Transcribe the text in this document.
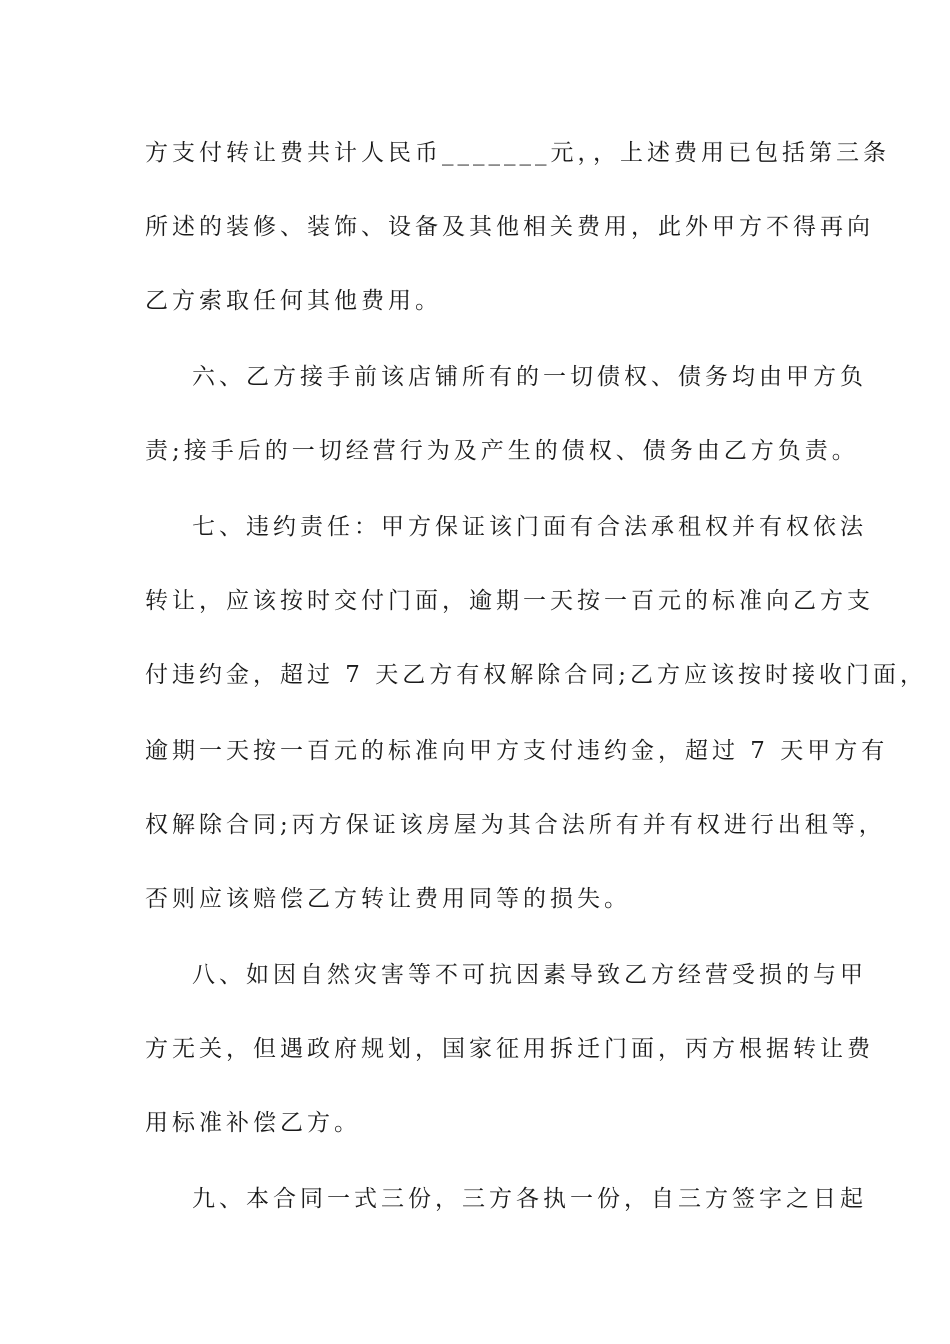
方支付转让费共计人民币_______元，，上述费用已包括第三条
所述的装修、装饰、设备及其他相关费用，此外甲方不得再向
乙方索取任何其他费用。
六、乙方接手前该店铺所有的一切债权、债务均由甲方负
责;接手后的一切经营行为及产生的债权、债务由乙方负责。
七、违约责任：甲方保证该门面有合法承租权并有权依法
转让，应该按时交付门面，逾期一天按一百元的标准向乙方支
付违约金，超过 7 天乙方有权解除合同;乙方应该按时接收门面，
逾期一天按一百元的标准向甲方支付违约金，超过 7 天甲方有
权解除合同;丙方保证该房屋为其合法所有并有权进行出租等，
否则应该赔偿乙方转让费用同等的损失。
八、如因自然灾害等不可抗因素导致乙方经营受损的与甲
方无关，但遇政府规划，国家征用拆迁门面，丙方根据转让费
用标准补偿乙方。
九、本合同一式三份，三方各执一份，自三方签字之日起
